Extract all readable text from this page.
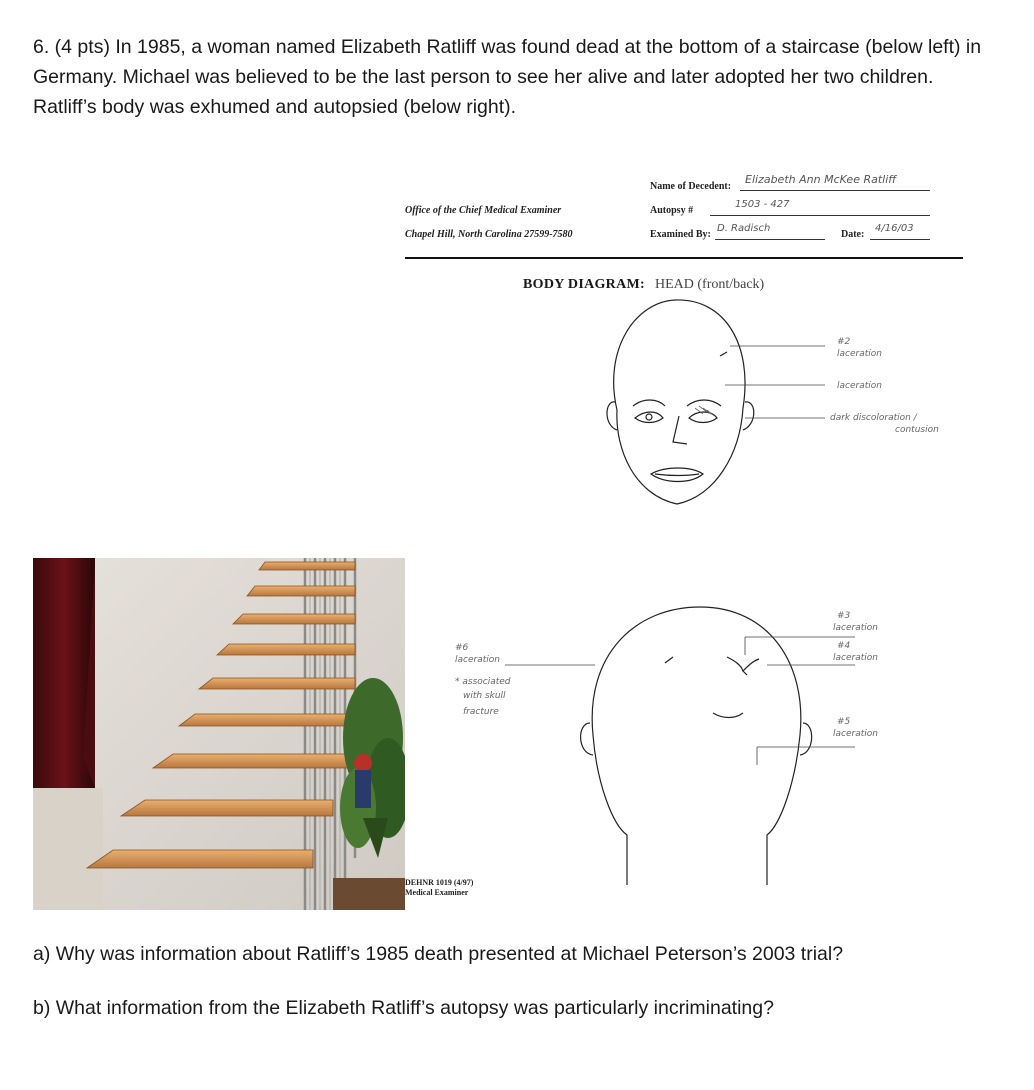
6. (4 pts) In 1985, a woman named Elizabeth Ratliff was found dead at the bottom of a staircase (below left) in Germany. Michael was believed to be the last person to see her alive and later adopted her two children. Ratliff’s body was exhumed and autopsied (below right).
Name of Decedent:
Elizabeth Ann McKee Ratliff
Office of the Chief Medical Examiner	Autopsy #
1503 - 427
Chapel Hill, North Carolina 27599-7580	Examined By:
D. Radisch
Date:
4/16/03
BODY DIAGRAM: HEAD (front/back)
#2
laceration
laceration
dark discoloration /
contusion
#3
laceration
#4
laceration
#5
laceration
#6
laceration
* associated
with skull
fracture
DEHNR 1019 (4/97)
Medical Examiner

a) Why was information about Ratliff’s 1985 death presented at Michael Peterson’s 2003 trial?

b) What information from the Elizabeth Ratliff’s autopsy was particularly incriminating?
